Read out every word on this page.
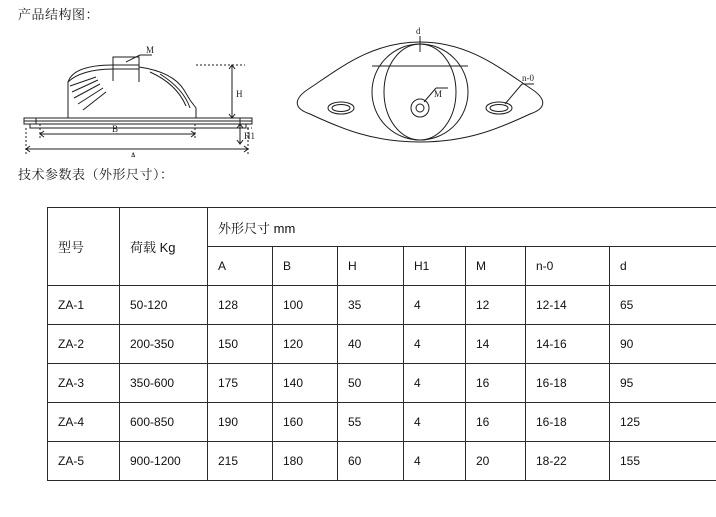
产品结构图：
M
H
H1
B
A
d
M
n-0
技术参数表（外形尺寸）：
型号	荷载 Kg	外形尺寸 mm						
		A	B	H	H1	M	n-0	d
ZA-1	50-120	128	100	35	4	12	12-14	65
ZA-2	200-350	150	120	40	4	14	14-16	90
ZA-3	350-600	175	140	50	4	16	16-18	95
ZA-4	600-850	190	160	55	4	16	16-18	125
ZA-5	900-1200	215	180	60	4	20	18-22	155
